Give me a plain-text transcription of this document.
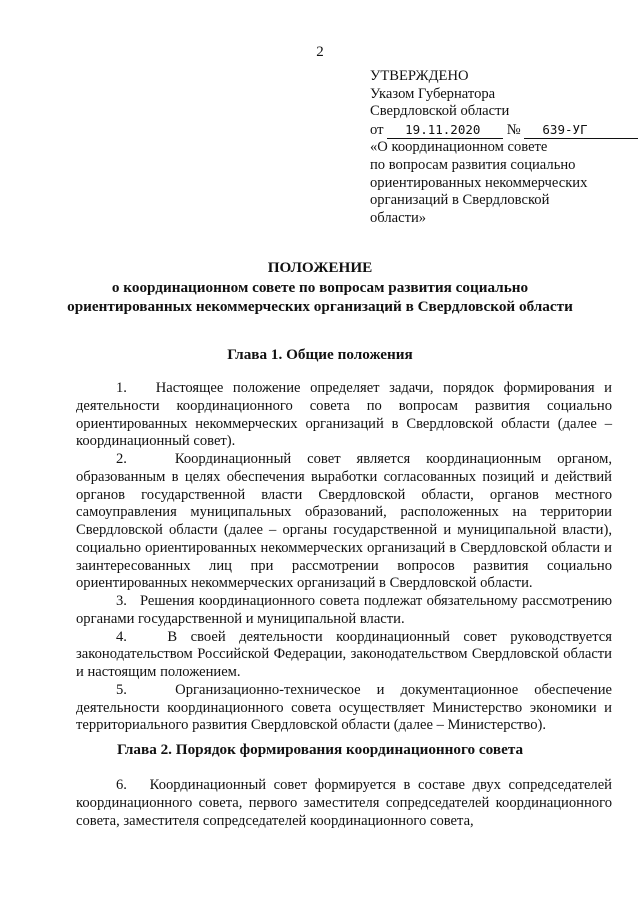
2
УТВЕРЖДЕНО
Указом Губернатора
Свердловской области
от 19.11.2020 № 639-УГ
«О координационном совете
по вопросам развития социально
ориентированных некоммерческих
организаций в Свердловской
области»
ПОЛОЖЕНИЕ
о координационном совете по вопросам развития социально
ориентированных некоммерческих организаций в Свердловской области
Глава 1. Общие положения

1.   Настоящее положение определяет задачи, порядок формирования и деятельности координационного совета по вопросам развития социально ориентированных некоммерческих организаций в Свердловской области (далее – координационный совет).

2.   Координационный совет является координационным органом, образованным в целях обеспечения выработки согласованных позиций и действий органов государственной власти Свердловской области, органов местного самоуправления муниципальных образований, расположенных на территории Свердловской области (далее – органы государственной и муниципальной власти), социально ориентированных некоммерческих организаций в Свердловской области и заинтересованных лиц при рассмотрении вопросов развития социально ориентированных некоммерческих организаций в Свердловской области.

3.   Решения координационного совета подлежат обязательному рассмотрению органами государственной и муниципальной власти.

4.   В своей деятельности координационный совет руководствуется законодательством Российской Федерации, законодательством Свердловской области и настоящим положением.

5.   Организационно-техническое и документационное обеспечение деятельности координационного совета осуществляет Министерство экономики и территориального развития Свердловской области (далее – Министерство).

Глава 2. Порядок формирования координационного совета

6.   Координационный совет формируется в составе двух сопредседателей координационного совета, первого заместителя сопредседателей координационного совета, заместителя сопредседателей координационного совета,
